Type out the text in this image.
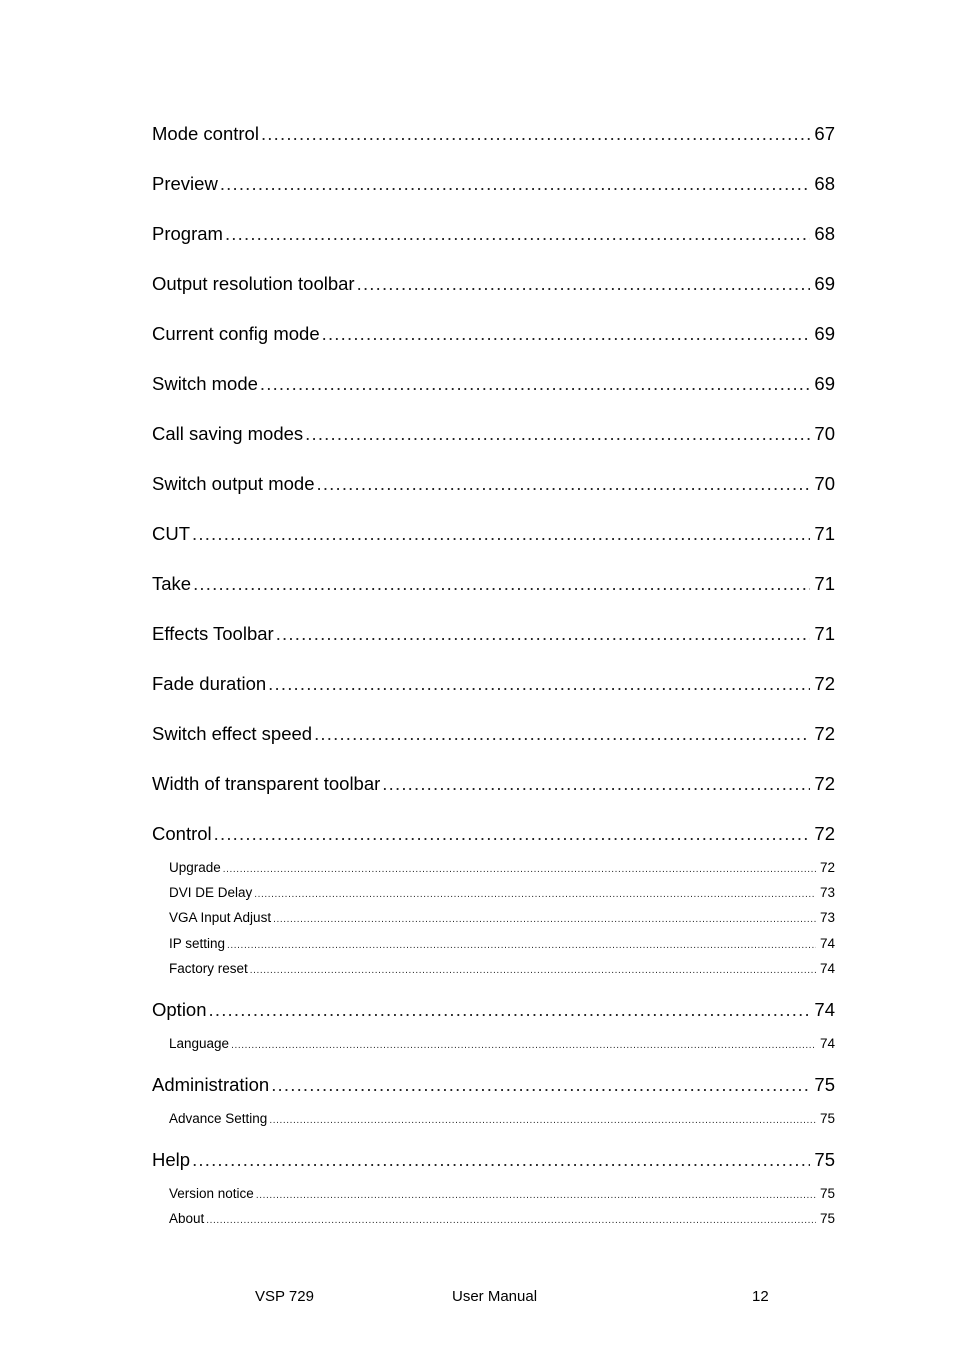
Mode control .....	67
Preview .....	68
Program .....	68
Output resolution toolbar .....	69
Current config mode .....	69
Switch mode .....	69
Call saving modes .....	70
Switch output mode .....	70
CUT .....	71
Take .....	71
Effects Toolbar .....	71
Fade duration .....	72
Switch effect speed .....	72
Width of transparent toolbar .....	72
Control .....	72
Upgrade .....	72
DVI DE Delay .....	73
VGA Input Adjust .....	73
IP setting .....	74
Factory reset .....	74
Option .....	74
Language .....	74
Administration .....	75
Advance Setting .....	75
Help .....	75
Version notice .....	75
About .....	75
VSP 729	User Manual	12
